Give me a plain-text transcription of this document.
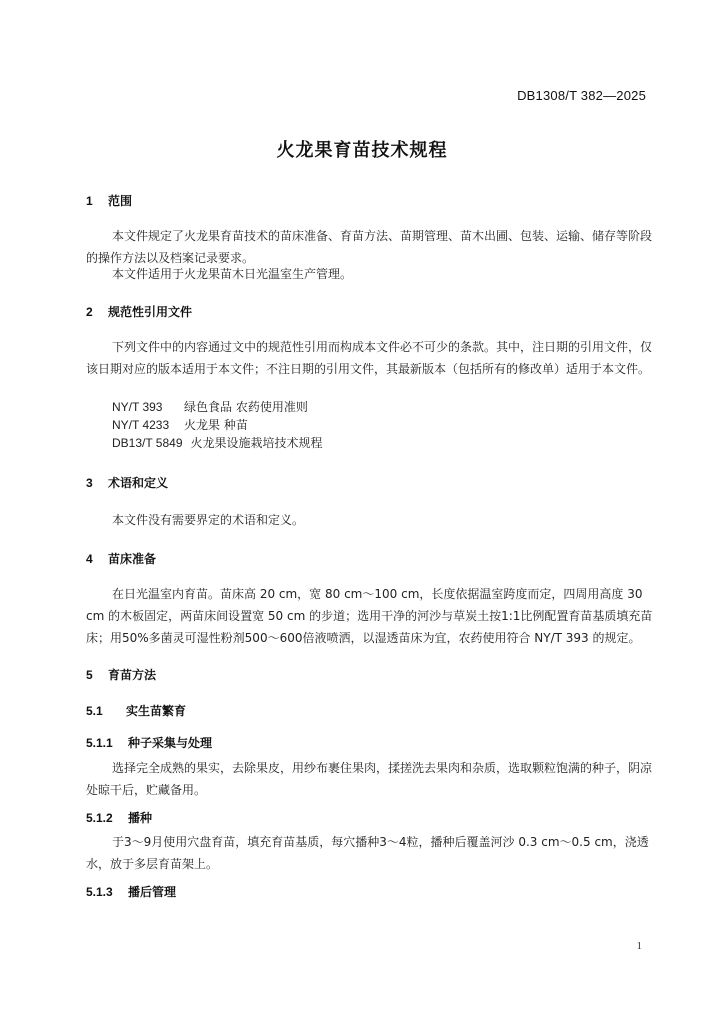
DB1308/T 382—2025
火龙果育苗技术规程
1 范围
本文件规定了火龙果育苗技术的苗床准备、育苗方法、苗期管理、苗木出圃、包装、运输、储存等阶段的操作方法以及档案记录要求。
本文件适用于火龙果苗木日光温室生产管理。
2 规范性引用文件
下列文件中的内容通过文中的规范性引用而构成本文件必不可少的条款。其中，注日期的引用文件，仅该日期对应的版本适用于本文件；不注日期的引用文件，其最新版本（包括所有的修改单）适用于本文件。
NY/T 393 绿色食品 农药使用准则
NY/T 4233 火龙果 种苗
DB13/T 5849 火龙果设施栽培技术规程
3 术语和定义
本文件没有需要界定的术语和定义。
4 苗床准备
在日光温室内育苗。苗床高 20 cm，宽 80 cm～100 cm，长度依据温室跨度而定，四周用高度 30 cm 的木板固定，两苗床间设置宽 50 cm 的步道；选用干净的河沙与草炭土按1:1比例配置育苗基质填充苗床；用50%多菌灵可湿性粉剂500～600倍液喷洒，以湿透苗床为宜，农药使用符合 NY/T 393 的规定。
5 育苗方法
5.1 实生苗繁育
5.1.1 种子采集与处理
选择完全成熟的果实，去除果皮，用纱布裹住果肉，揉搓洗去果肉和杂质，选取颗粒饱满的种子，阴凉处晾干后，贮藏备用。
5.1.2 播种
于3～9月使用穴盘育苗，填充育苗基质，每穴播种3～4粒，播种后覆盖河沙 0.3 cm～0.5 cm，浇透水，放于多层育苗架上。
5.1.3 播后管理
1
